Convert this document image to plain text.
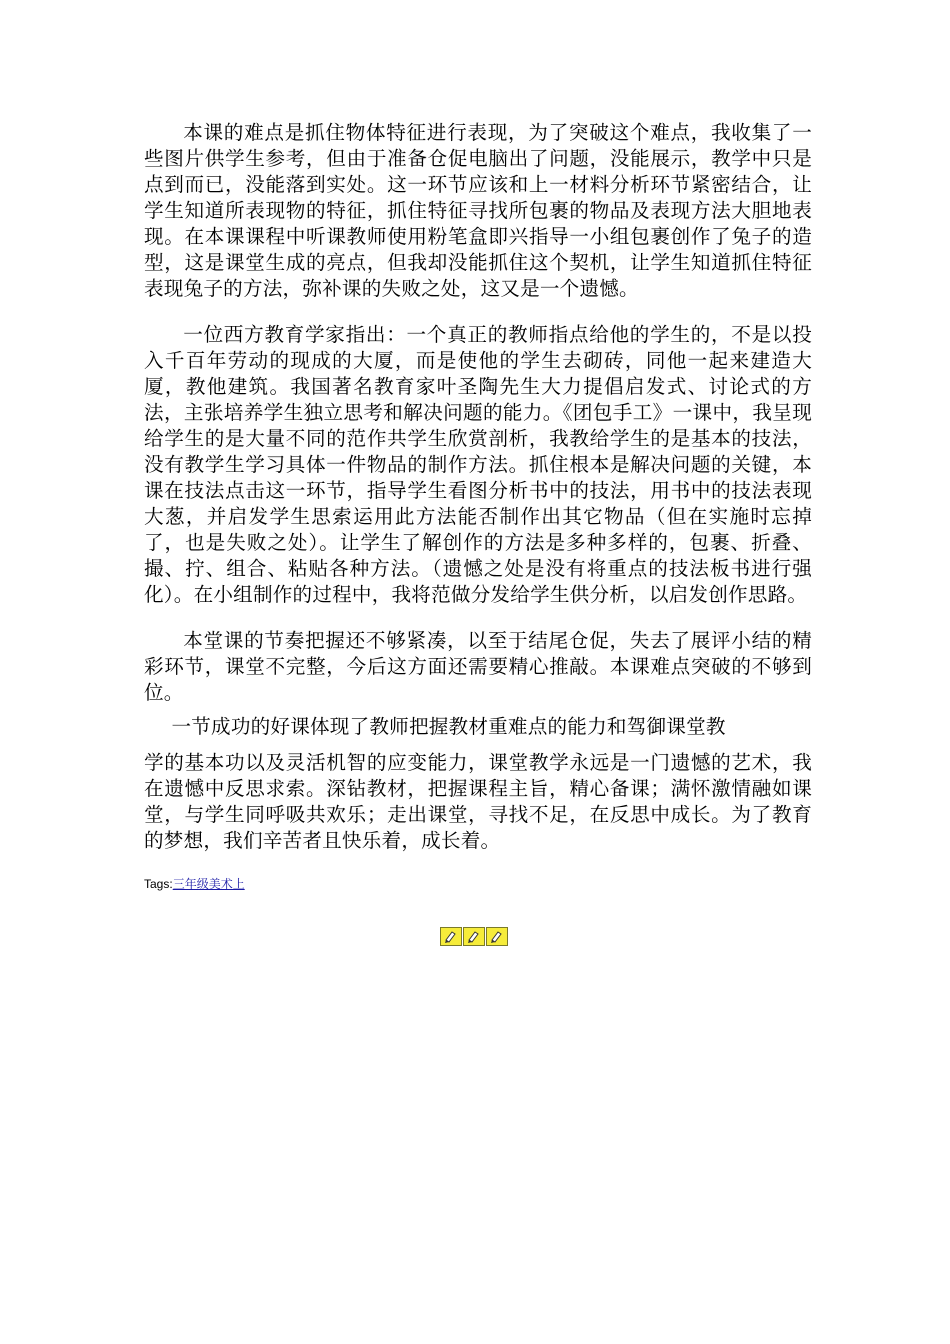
本课的难点是抓住物体特征进行表现，为了突破这个难点，我收集了一些图片供学生参考，但由于准备仓促电脑出了问题，没能展示，教学中只是点到而已，没能落到实处。这一环节应该和上一材料分析环节紧密结合，让学生知道所表现物的特征，抓住特征寻找所包裹的物品及表现方法大胆地表现。在本课课程中听课教师使用粉笔盒即兴指导一小组包裹创作了兔子的造型，这是课堂生成的亮点，但我却没能抓住这个契机，让学生知道抓住特征表现兔子的方法，弥补课的失败之处，这又是一个遗憾。

一位西方教育学家指出：一个真正的教师指点给他的学生的，不是以投入千百年劳动的现成的大厦，而是使他的学生去砌砖，同他一起来建造大厦，教他建筑。我国著名教育家叶圣陶先生大力提倡启发式、讨论式的方法，主张培养学生独立思考和解决问题的能力。《团包手工》一课中，我呈现给学生的是大量不同的范作共学生欣赏剖析，我教给学生的是基本的技法，没有教学生学习具体一件物品的制作方法。抓住根本是解决问题的关键，本课在技法点击这一环节，指导学生看图分析书中的技法，用书中的技法表现大葱，并启发学生思索运用此方法能否制作出其它物品（但在实施时忘掉了，也是失败之处）。让学生了解创作的方法是多种多样的，包裹、折叠、撮、拧、组合、粘贴各种方法。（遗憾之处是没有将重点的技法板书进行强化）。在小组制作的过程中，我将范做分发给学生供分析，以启发创作思路。

本堂课的节奏把握还不够紧凑，以至于结尾仓促，失去了展评小结的精彩环节，课堂不完整，今后这方面还需要精心推敲。本课难点突破的不够到位。

一节成功的好课体现了教师把握教材重难点的能力和驾御课堂教

学的基本功以及灵活机智的应变能力，课堂教学永远是一门遗憾的艺术，我在遗憾中反思求索。深钻教材，把握课程主旨，精心备课；满怀激情融如课堂，与学生同呼吸共欢乐；走出课堂，寻找不足，在反思中成长。为了教育的梦想，我们辛苦者且快乐着，成长着。

Tags:三年级美术上
